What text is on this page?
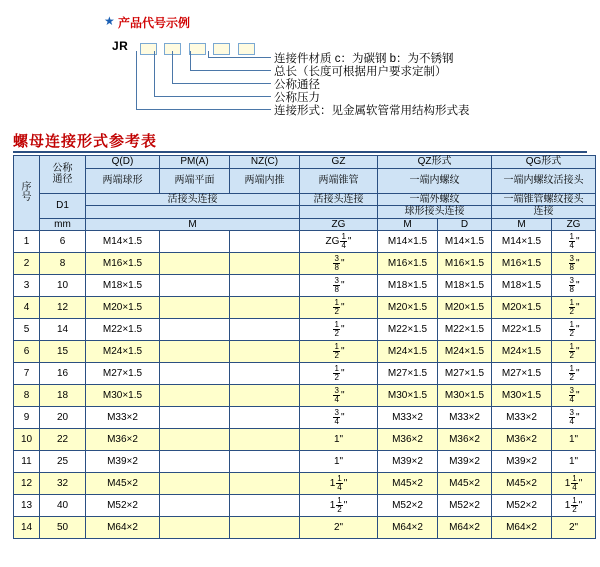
★ 产品代号示例
JR

连接件材质 c：为碳钢 b：为不锈钢
总长（长度可根据用户要求定制）
公称通径
公称压力
连接形式：见金属软管常用结构形式表
螺母连接形式参考表
序
号

公称
通径
	Q(D)	PM(A)	NZ(C)	GZ	QZ形式	QG形式
		两端球形	两端平面	两端内推	两端锥管	一端内螺纹		一端内螺纹活接头	
	D1	活接头连接			活接头连接	一端外螺纹		一端锥管螺纹接头	
						球形接头连接		连接	
	mm	M			ZG	M	D	M	ZG
1	6	M14×1.5			ZG $\frac{1}{4}$ "	M14×1.5	M14×1.5	M14×1.5	$\frac{1}{4}$ "
2	8	M16×1.5			$\frac{3}{8}$ "	M16×1.5	M16×1.5	M16×1.5	$\frac{3}{8}$ "
3	10	M18×1.5			$\frac{3}{8}$ "	M18×1.5	M18×1.5	M18×1.5	$\frac{3}{8}$ "
4	12	M20×1.5			$\frac{1}{2}$ "	M20×1.5	M20×1.5	M20×1.5	$\frac{1}{2}$ "
5	14	M22×1.5			$\frac{1}{2}$ "	M22×1.5	M22×1.5	M22×1.5	$\frac{1}{2}$ "
6	15	M24×1.5			$\frac{1}{2}$ "	M24×1.5	M24×1.5	M24×1.5	$\frac{1}{2}$ "
7	16	M27×1.5			$\frac{1}{2}$ "	M27×1.5	M27×1.5	M27×1.5	$\frac{1}{2}$ "
8	18	M30×1.5			$\frac{3}{4}$ "	M30×1.5	M30×1.5	M30×1.5	$\frac{3}{4}$ "
9	20	M33×2			$\frac{3}{4}$ "	M33×2	M33×2	M33×2	$\frac{3}{4}$ "
10	22	M36×2			1"	M36×2	M36×2	M36×2	1"
11	25	M39×2			1"	M39×2	M39×2	M39×2	1"
12	32	M45×2			$1 \frac{1}{4}$ "	M45×2	M45×2	M45×2	$1 \frac{1}{4}$ "
13	40	M52×2			$1 \frac{1}{2}$ "	M52×2	M52×2	M52×2	$1 \frac{1}{2}$ "
14	50	M64×2			2"	M64×2	M64×2	M64×2	2"
